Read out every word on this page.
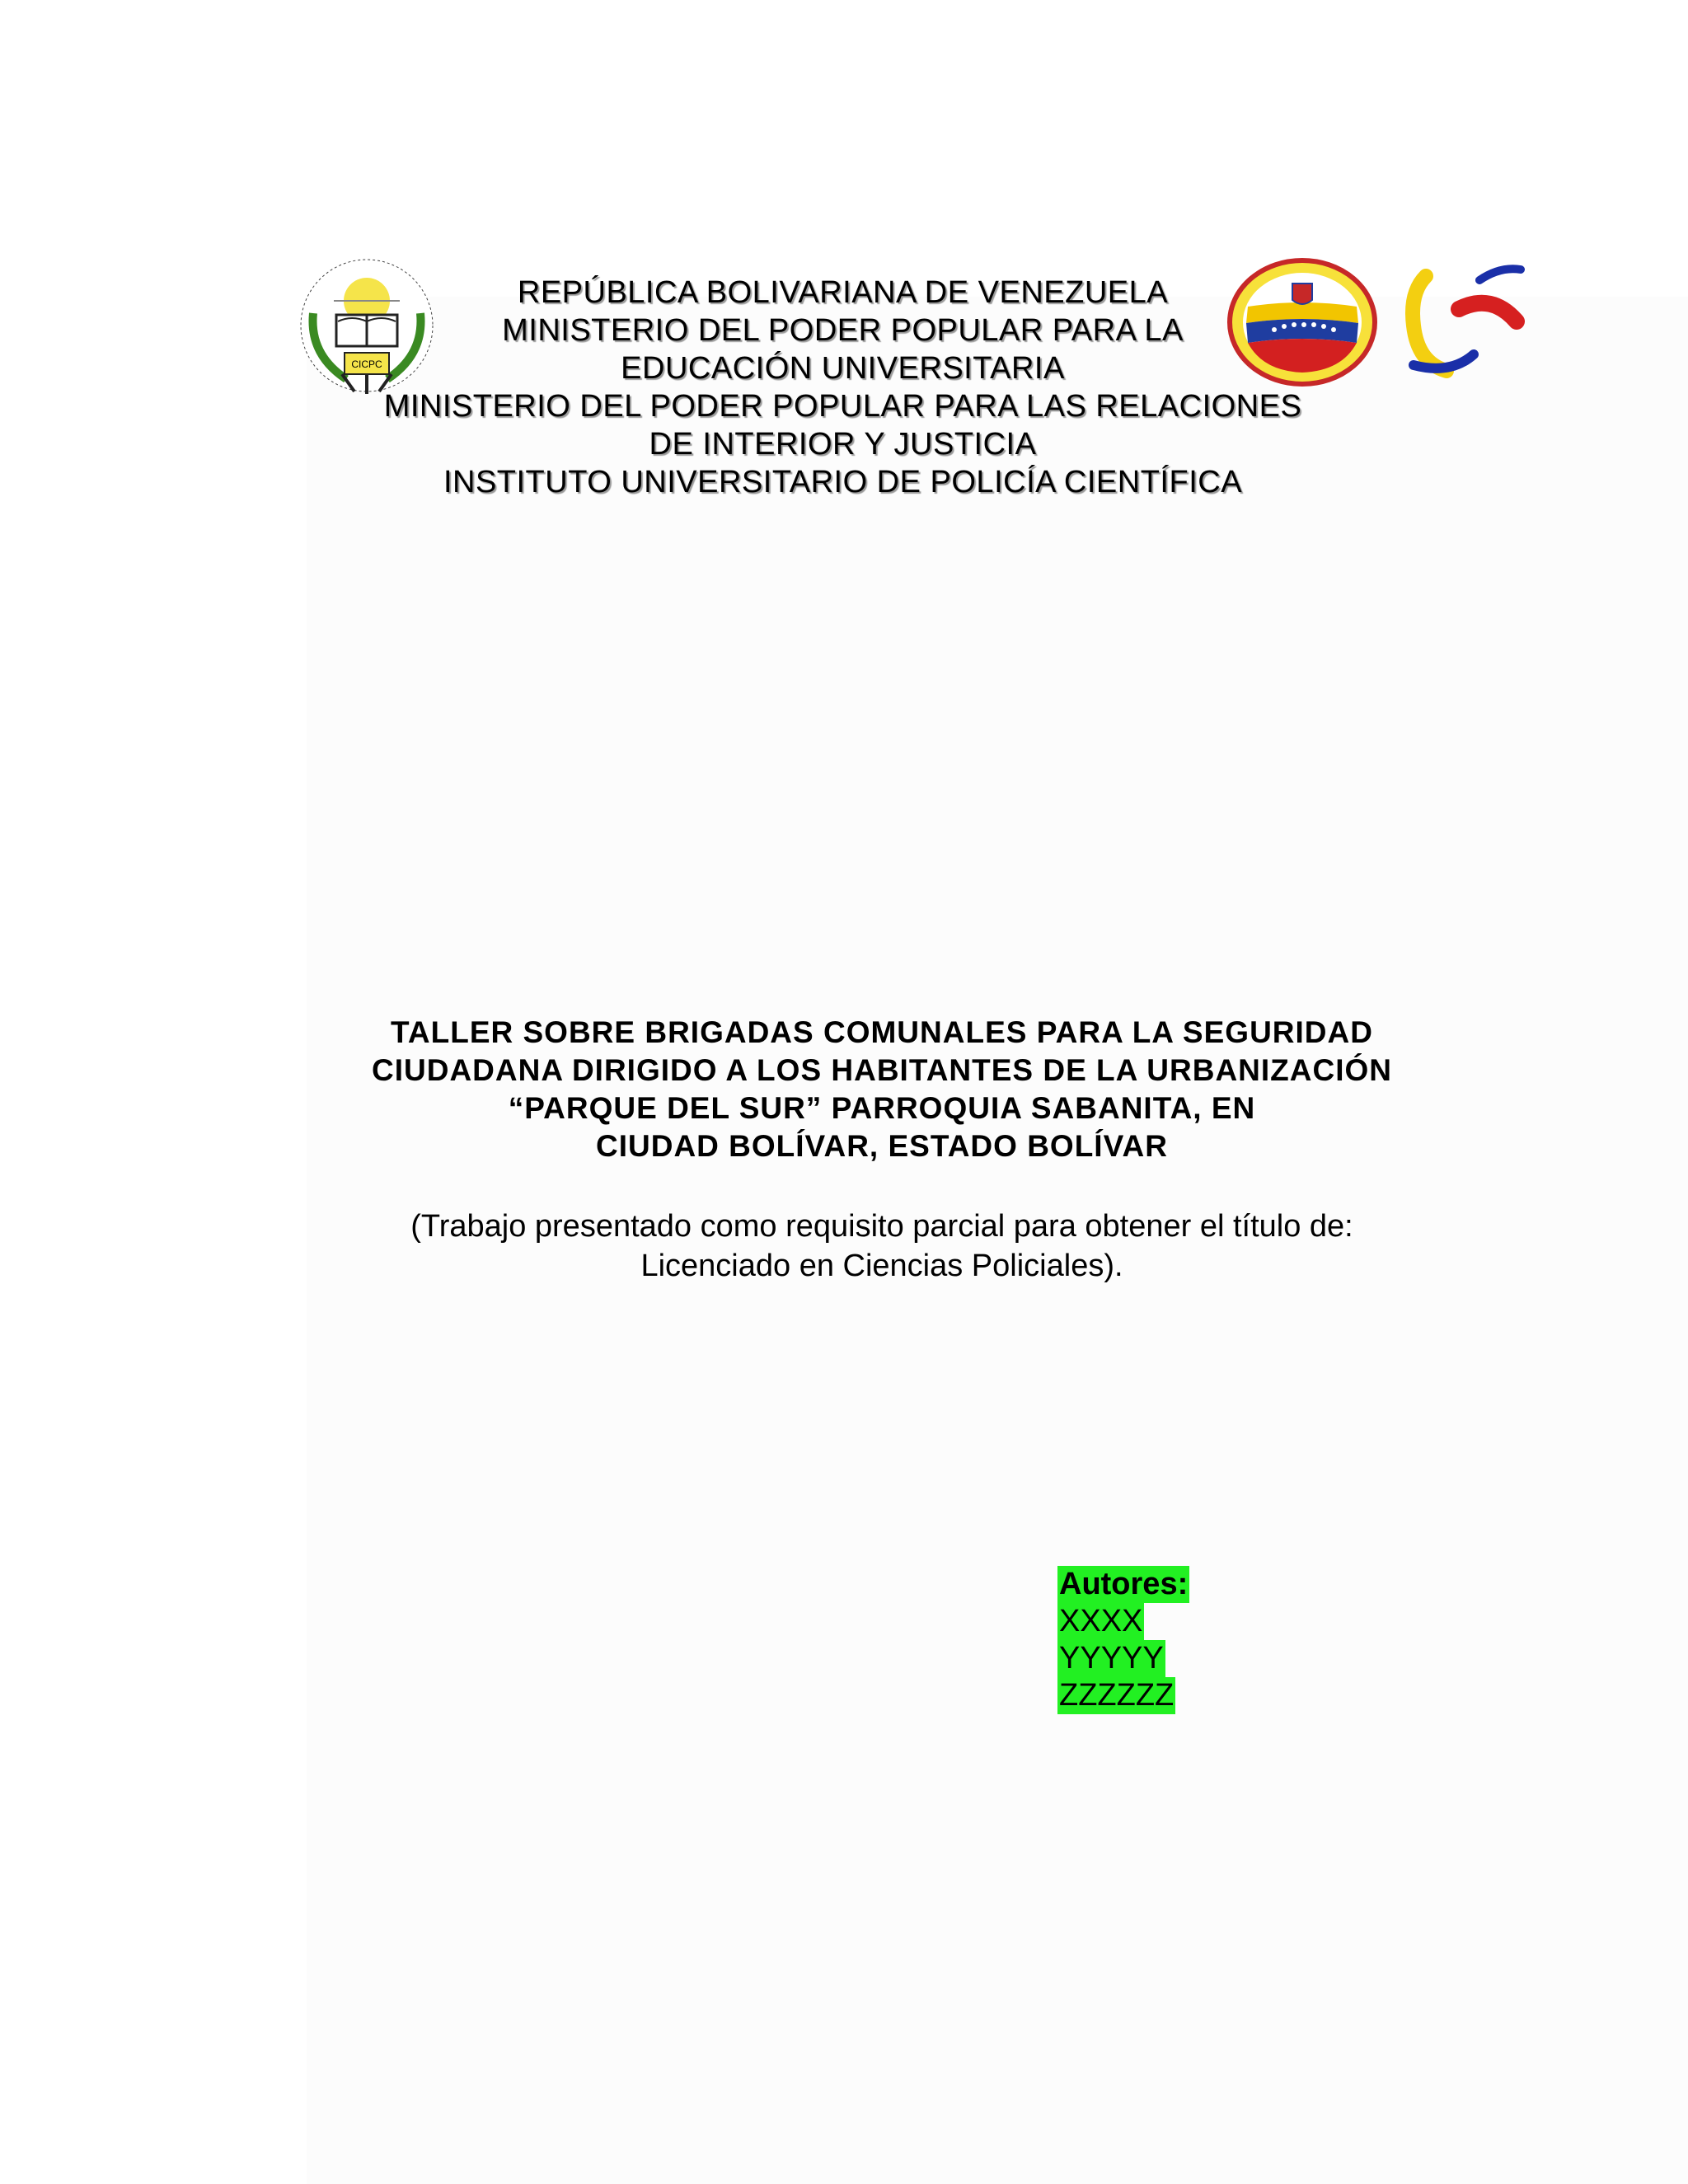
CICPC
REPÚBLICA BOLIVARIANA DE VENEZUELA
MINISTERIO DEL PODER POPULAR PARA LA
EDUCACIÓN UNIVERSITARIA
MINISTERIO DEL PODER POPULAR PARA LAS RELACIONES
DE INTERIOR Y JUSTICIA
INSTITUTO UNIVERSITARIO DE POLICÍA CIENTÍFICA
TALLER SOBRE BRIGADAS COMUNALES PARA LA SEGURIDAD
CIUDADANA DIRIGIDO A LOS HABITANTES DE LA URBANIZACIÓN
“PARQUE DEL SUR” PARROQUIA SABANITA, EN
CIUDAD BOLÍVAR, ESTADO BOLÍVAR
(Trabajo presentado como requisito parcial para obtener el título de:
Licenciado en Ciencias Policiales).
Autores:
XXXX
YYYYY
ZZZZZZ
